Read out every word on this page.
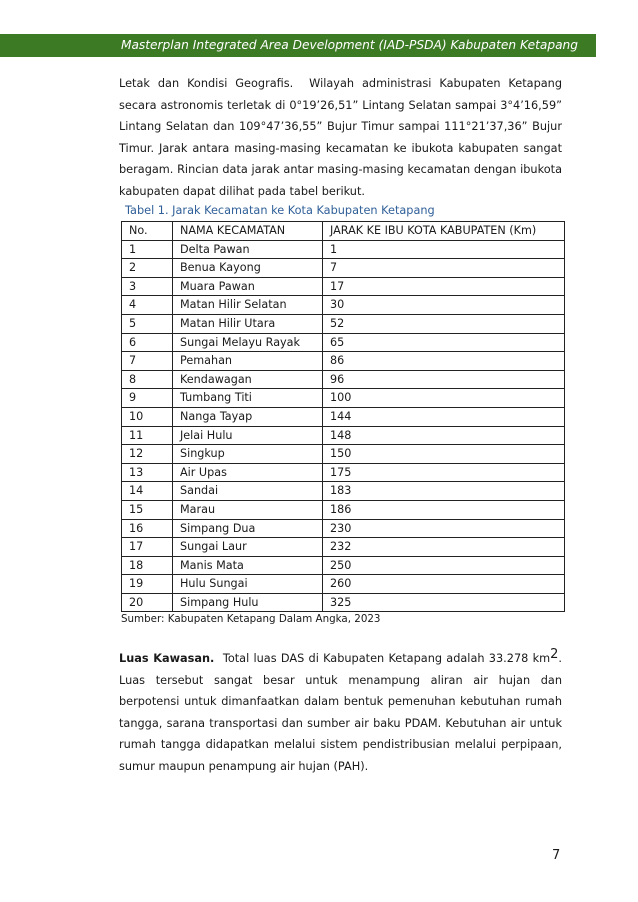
Masterplan Integrated Area Development (IAD-PSDA) Kabupaten Ketapang

Letak dan Kondisi Geografis. Wilayah administrasi Kabupaten Ketapang secara astronomis terletak di 0°19’26,51” Lintang Selatan sampai 3°4’16,59” Lintang Selatan dan 109°47’36,55” Bujur Timur sampai 111°21’37,36” Bujur Timur. Jarak antara masing-masing kecamatan ke ibukota kabupaten sangat beragam. Rincian data jarak antar masing-masing kecamatan dengan ibukota kabupaten dapat dilihat pada tabel berikut.

Tabel 1. Jarak Kecamatan ke Kota Kabupaten Ketapang
No.	NAMA KECAMATAN	JARAK KE IBU KOTA KABUPATEN (Km)
1	Delta Pawan	1
2	Benua Kayong	7
3	Muara Pawan	17
4	Matan Hilir Selatan	30
5	Matan Hilir Utara	52
6	Sungai Melayu Rayak	65
7	Pemahan	86
8	Kendawagan	96
9	Tumbang Titi	100
10	Nanga Tayap	144
11	Jelai Hulu	148
12	Singkup	150
13	Air Upas	175
14	Sandai	183
15	Marau	186
16	Simpang Dua	230
17	Sungai Laur	232
18	Manis Mata	250
19	Hulu Sungai	260
20	Simpang Hulu	325
Sumber: Kabupaten Ketapang Dalam Angka, 2023

Luas Kawasan. Total luas DAS di Kabupaten Ketapang adalah 33.278 km2. Luas tersebut sangat besar untuk menampung aliran air hujan dan berpotensi untuk dimanfaatkan dalam bentuk pemenuhan kebutuhan rumah tangga, sarana transportasi dan sumber air baku PDAM. Kebutuhan air untuk rumah tangga didapatkan melalui sistem pendistribusian melalui perpipaan, sumur maupun penampung air hujan (PAH).

7
